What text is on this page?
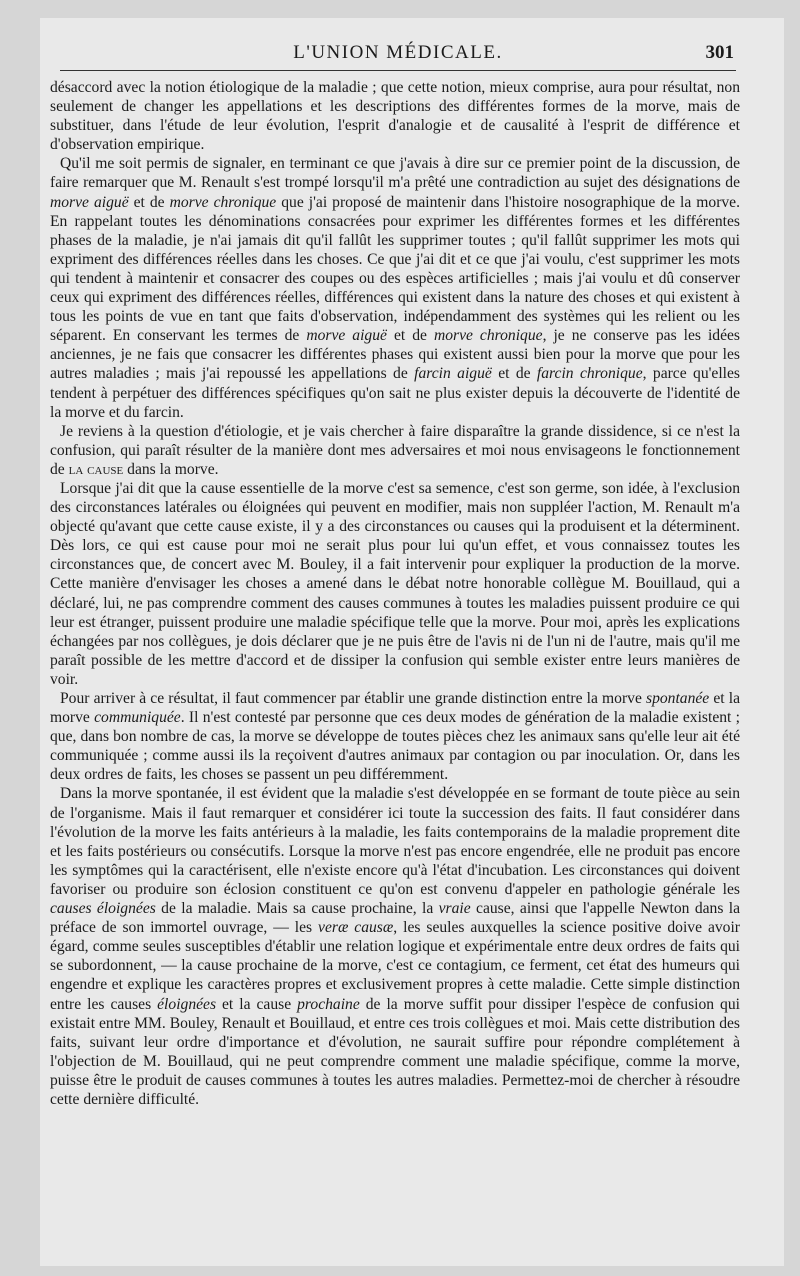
L'UNION MÉDICALE.	301

désaccord avec la notion étiologique de la maladie ; que cette notion, mieux comprise, aura pour résultat, non seulement de changer les appellations et les descriptions des différentes formes de la morve, mais de substituer, dans l'étude de leur évolution, l'esprit d'analogie et de causalité à l'esprit de différence et d'observation empirique.

Qu'il me soit permis de signaler, en terminant ce que j'avais à dire sur ce premier point de la discussion, de faire remarquer que M. Renault s'est trompé lorsqu'il m'a prêté une contradiction au sujet des désignations de morve aiguë et de morve chronique que j'ai proposé de maintenir dans l'histoire nosographique de la morve. En rappelant toutes les dénominations consacrées pour exprimer les différentes formes et les différentes phases de la maladie, je n'ai jamais dit qu'il fallût les supprimer toutes ; qu'il fallût supprimer les mots qui expriment des différences réelles dans les choses. Ce que j'ai dit et ce que j'ai voulu, c'est supprimer les mots qui tendent à maintenir et consacrer des coupes ou des espèces artificielles ; mais j'ai voulu et dû conserver ceux qui expriment des différences réelles, différences qui existent dans la nature des choses et qui existent à tous les points de vue en tant que faits d'observation, indépendamment des systèmes qui les relient ou les séparent. En conservant les termes de morve aiguë et de morve chronique, je ne conserve pas les idées anciennes, je ne fais que consacrer les différentes phases qui existent aussi bien pour la morve que pour les autres maladies ; mais j'ai repoussé les appellations de farcin aiguë et de farcin chronique, parce qu'elles tendent à perpétuer des différences spécifiques qu'on sait ne plus exister depuis la découverte de l'identité de la morve et du farcin.

Je reviens à la question d'étiologie, et je vais chercher à faire disparaître la grande dissidence, si ce n'est la confusion, qui paraît résulter de la manière dont mes adversaires et moi nous envisageons le fonctionnement de la cause dans la morve.

Lorsque j'ai dit que la cause essentielle de la morve c'est sa semence, c'est son germe, son idée, à l'exclusion des circonstances latérales ou éloignées qui peuvent en modifier, mais non suppléer l'action, M. Renault m'a objecté qu'avant que cette cause existe, il y a des circonstances ou causes qui la produisent et la déterminent. Dès lors, ce qui est cause pour moi ne serait plus pour lui qu'un effet, et vous connaissez toutes les circonstances que, de concert avec M. Bouley, il a fait intervenir pour expliquer la production de la morve. Cette manière d'envisager les choses a amené dans le débat notre honorable collègue M. Bouillaud, qui a déclaré, lui, ne pas comprendre comment des causes communes à toutes les maladies puissent produire ce qui leur est étranger, puissent produire une maladie spécifique telle que la morve. Pour moi, après les explications échangées par nos collègues, je dois déclarer que je ne puis être de l'avis ni de l'un ni de l'autre, mais qu'il me paraît possible de les mettre d'accord et de dissiper la confusion qui semble exister entre leurs manières de voir.

Pour arriver à ce résultat, il faut commencer par établir une grande distinction entre la morve spontanée et la morve communiquée. Il n'est contesté par personne que ces deux modes de génération de la maladie existent ; que, dans bon nombre de cas, la morve se développe de toutes pièces chez les animaux sans qu'elle leur ait été communiquée ; comme aussi ils la reçoivent d'autres animaux par contagion ou par inoculation. Or, dans les deux ordres de faits, les choses se passent un peu différemment.

Dans la morve spontanée, il est évident que la maladie s'est développée en se formant de toute pièce au sein de l'organisme. Mais il faut remarquer et considérer ici toute la succession des faits. Il faut considérer dans l'évolution de la morve les faits antérieurs à la maladie, les faits contemporains de la maladie proprement dite et les faits postérieurs ou consécutifs. Lorsque la morve n'est pas encore engendrée, elle ne produit pas encore les symptômes qui la caractérisent, elle n'existe encore qu'à l'état d'incubation. Les circonstances qui doivent favoriser ou produire son éclosion constituent ce qu'on est convenu d'appeler en pathologie générale les causes éloignées de la maladie. Mais sa cause prochaine, la vraie cause, ainsi que l'appelle Newton dans la préface de son immortel ouvrage, — les veræ causæ, les seules auxquelles la science positive doive avoir égard, comme seules susceptibles d'établir une relation logique et expérimentale entre deux ordres de faits qui se subordonnent, — la cause prochaine de la morve, c'est ce contagium, ce ferment, cet état des humeurs qui engendre et explique les caractères propres et exclusivement propres à cette maladie. Cette simple distinction entre les causes éloignées et la cause prochaine de la morve suffit pour dissiper l'espèce de confusion qui existait entre MM. Bouley, Renault et Bouillaud, et entre ces trois collègues et moi. Mais cette distribution des faits, suivant leur ordre d'importance et d'évolution, ne saurait suffire pour répondre complétement à l'objection de M. Bouillaud, qui ne peut comprendre comment une maladie spécifique, comme la morve, puisse être le produit de causes communes à toutes les autres maladies. Permettez-moi de chercher à résoudre cette dernière difficulté.
